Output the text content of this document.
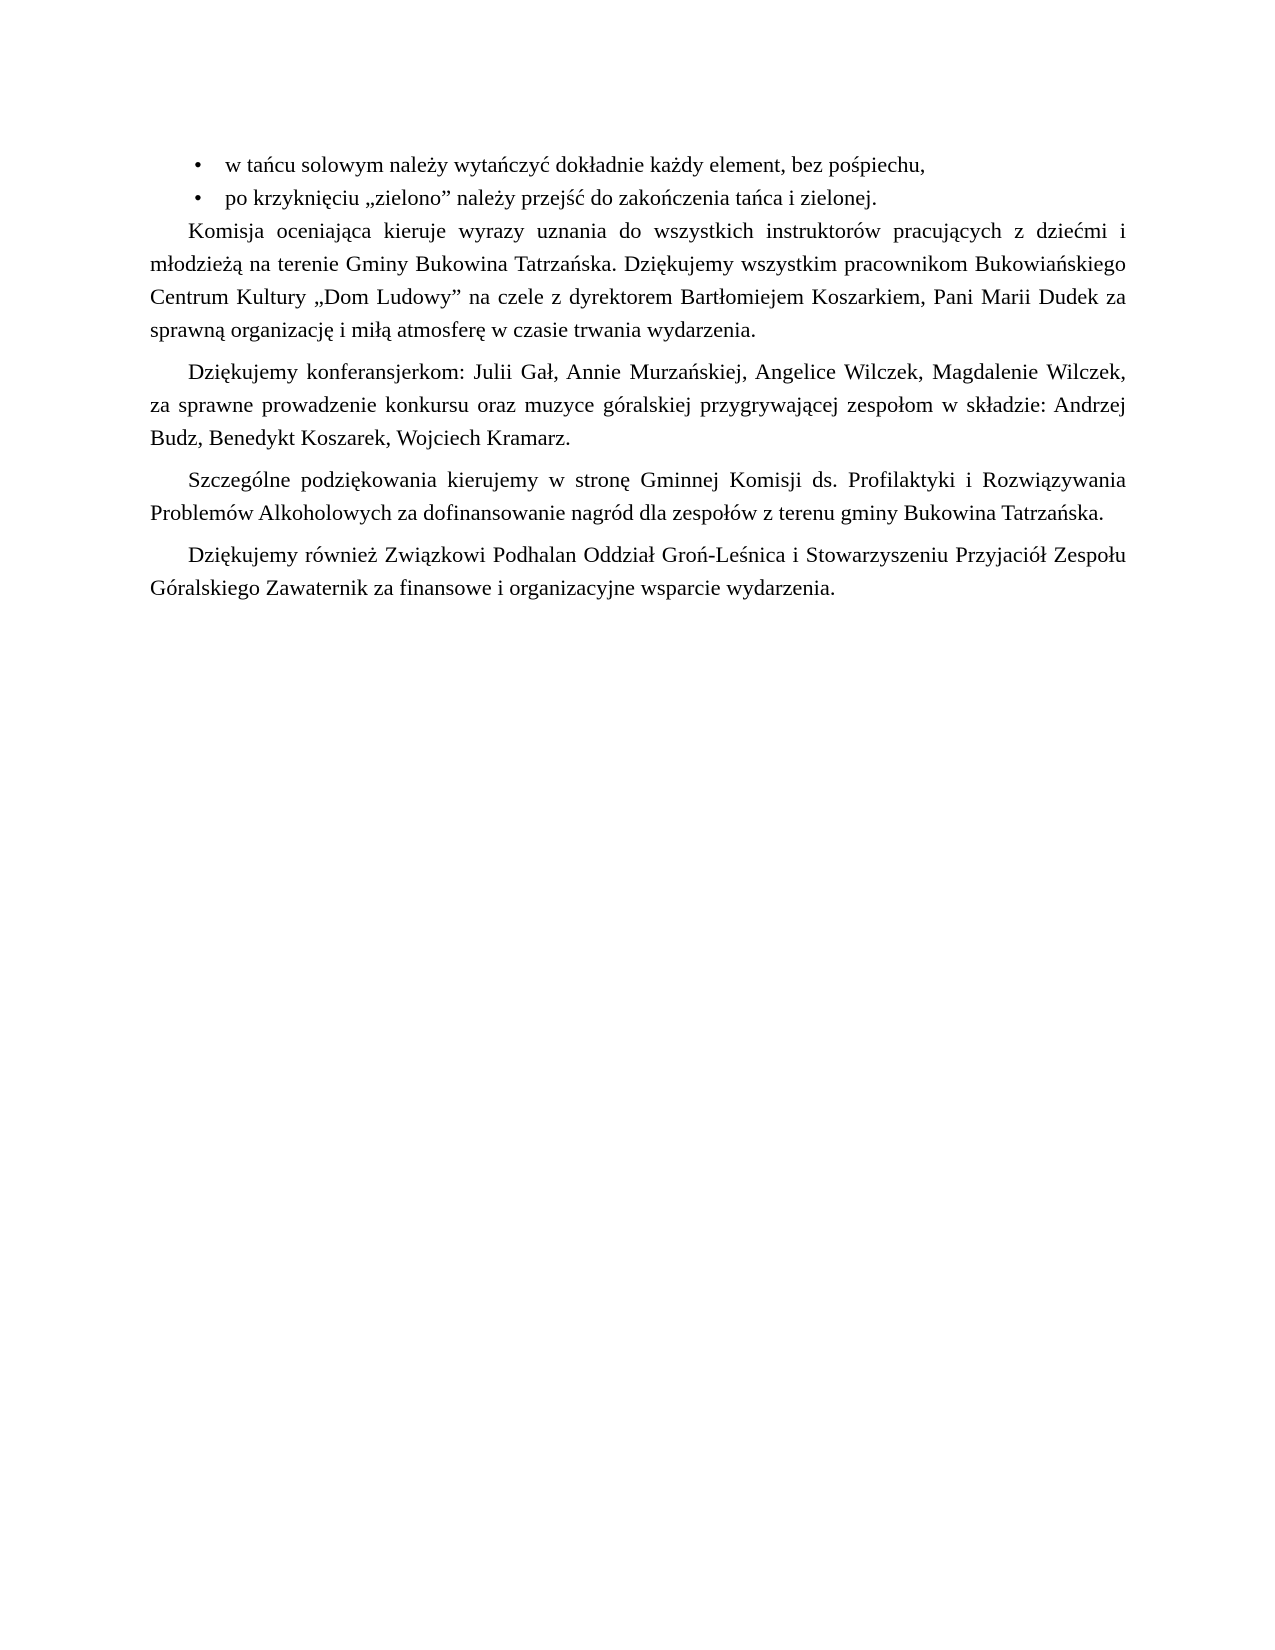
• w tańcu solowym należy wytańczyć dokładnie każdy element, bez pośpiechu,
• po krzyknięciu „zielono” należy przejść do zakończenia tańca i zielonej.

Komisja oceniająca kieruje wyrazy uznania do wszystkich instruktorów pracujących z dziećmi i młodzieżą na terenie Gminy Bukowina Tatrzańska. Dziękujemy wszystkim pracownikom Bukowiańskiego Centrum Kultury „Dom Ludowy” na czele z dyrektorem Bartłomiejem Koszarkiem, Pani Marii Dudek za sprawną organizację i miłą atmosferę w czasie trwania wydarzenia.

Dziękujemy konferansjerkom: Julii Gał, Annie Murzańskiej, Angelice Wilczek, Magdalenie Wilczek, za sprawne prowadzenie konkursu oraz muzyce góralskiej przygrywającej zespołom w składzie: Andrzej Budz, Benedykt Koszarek, Wojciech Kramarz.

Szczególne podziękowania kierujemy w stronę Gminnej Komisji ds. Profilaktyki i Rozwiązywania Problemów Alkoholowych za dofinansowanie nagród dla zespołów z terenu gminy Bukowina Tatrzańska.

Dziękujemy również Związkowi Podhalan Oddział Groń-Leśnica i Stowarzyszeniu Przyjaciół Zespołu Góralskiego Zawaternik za finansowe i organizacyjne wsparcie wydarzenia.
